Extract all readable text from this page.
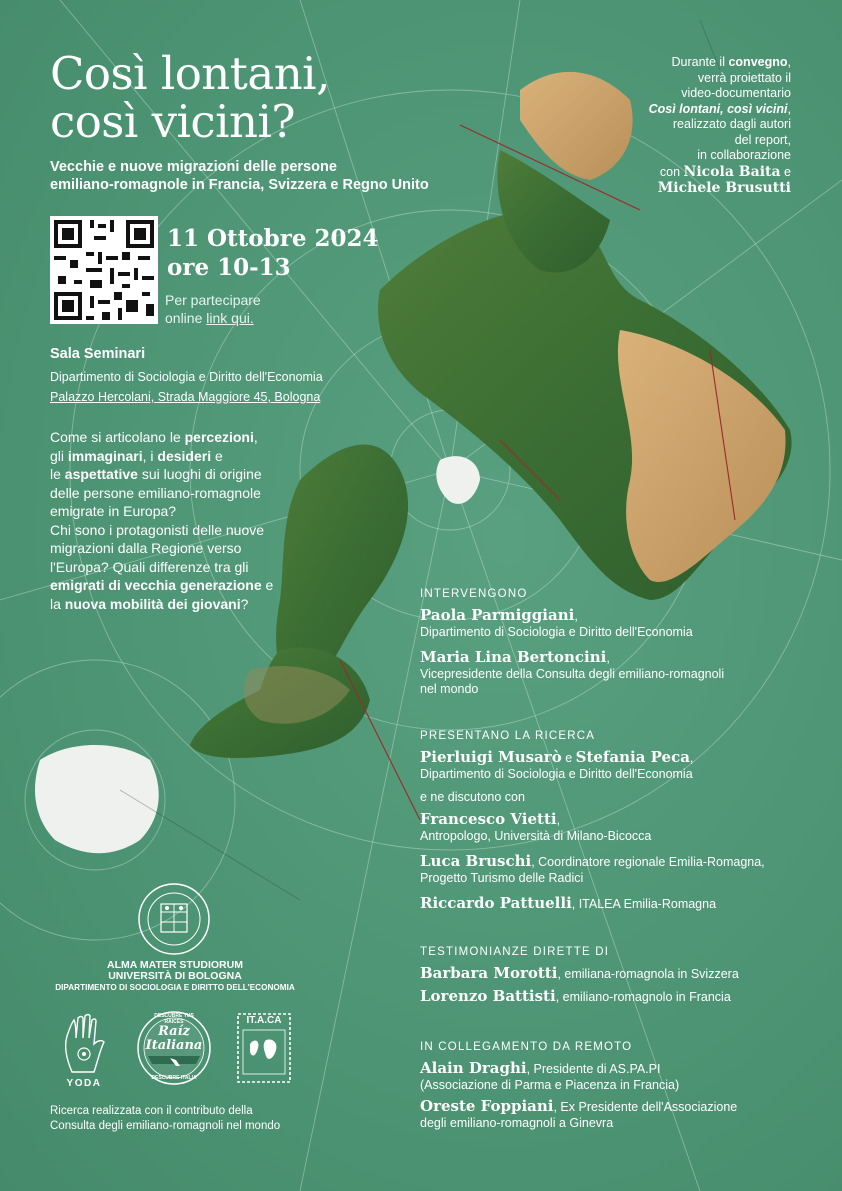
Così lontani,
così vicini?
Vecchie e nuove migrazioni delle persone
emiliano-romagnole in Francia, Svizzera e Regno Unito
11 Ottobre 2024
ore 10-13
Per partecipare
online link qui.
Sala Seminari
Dipartimento di Sociologia e Diritto dell'Economia
Palazzo Hercolani, Strada Maggiore 45, Bologna
Come si articolano le percezioni,
gli immaginari, i desideri e
le aspettative sui luoghi di origine
delle persone emiliano-romagnole
emigrate in Europa?
Chi sono i protagonisti delle nuove
migrazioni dalla Regione verso
l'Europa? Quali differenze tra gli
emigrati di vecchia generazione e
la nuova mobilità dei giovani?
Durante il convegno,
verrà proiettato il
video-documentario
Così lontani, così vicini,
realizzato dagli autori
del report,
in collaborazione
con Nicola Baita e
Michele Brusutti
INTERVENGONO
Paola Parmiggiani,
Dipartimento di Sociologia e Diritto dell'Economia
Maria Lina Bertoncini,
Vicepresidente della Consulta degli emiliano-romagnoli
nel mondo
PRESENTANO LA RICERCA
Pierluigi Musarò e Stefania Peca,
Dipartimento di Sociologia e Diritto dell'Economia
e ne discutono con
Francesco Vietti,
Antropologo, Università di Milano-Bicocca
Luca Bruschi, Coordinatore regionale Emilia-Romagna,
Progetto Turismo delle Radici
Riccardo Pattuelli, ITALEA Emilia-Romagna
TESTIMONIANZE DIRETTE DI
Barbara Morotti, emiliana-romagnola in Svizzera
Lorenzo Battisti, emiliano-romagnolo in Francia
IN COLLEGAMENTO DA REMOTO
Alain Draghi, Presidente di AS.PA.PI
(Associazione di Parma e Piacenza in Francia)
Oreste Foppiani, Ex Presidente dell'Associazione
degli emiliano-romagnoli a Ginevra
ALMA MATER STUDIORUM
UNIVERSITÀ DI BOLOGNA
DIPARTIMENTO DI SOCIOLOGIA E DIRITTO DELL'ECONOMIA
YODA
DESCUBRE TUS RAICES
Raíz
Italiana
DESCUBRE ITALIA
IT.A.CA
Ricerca realizzata con il contributo della
Consulta degli emiliano-romagnoli nel mondo
